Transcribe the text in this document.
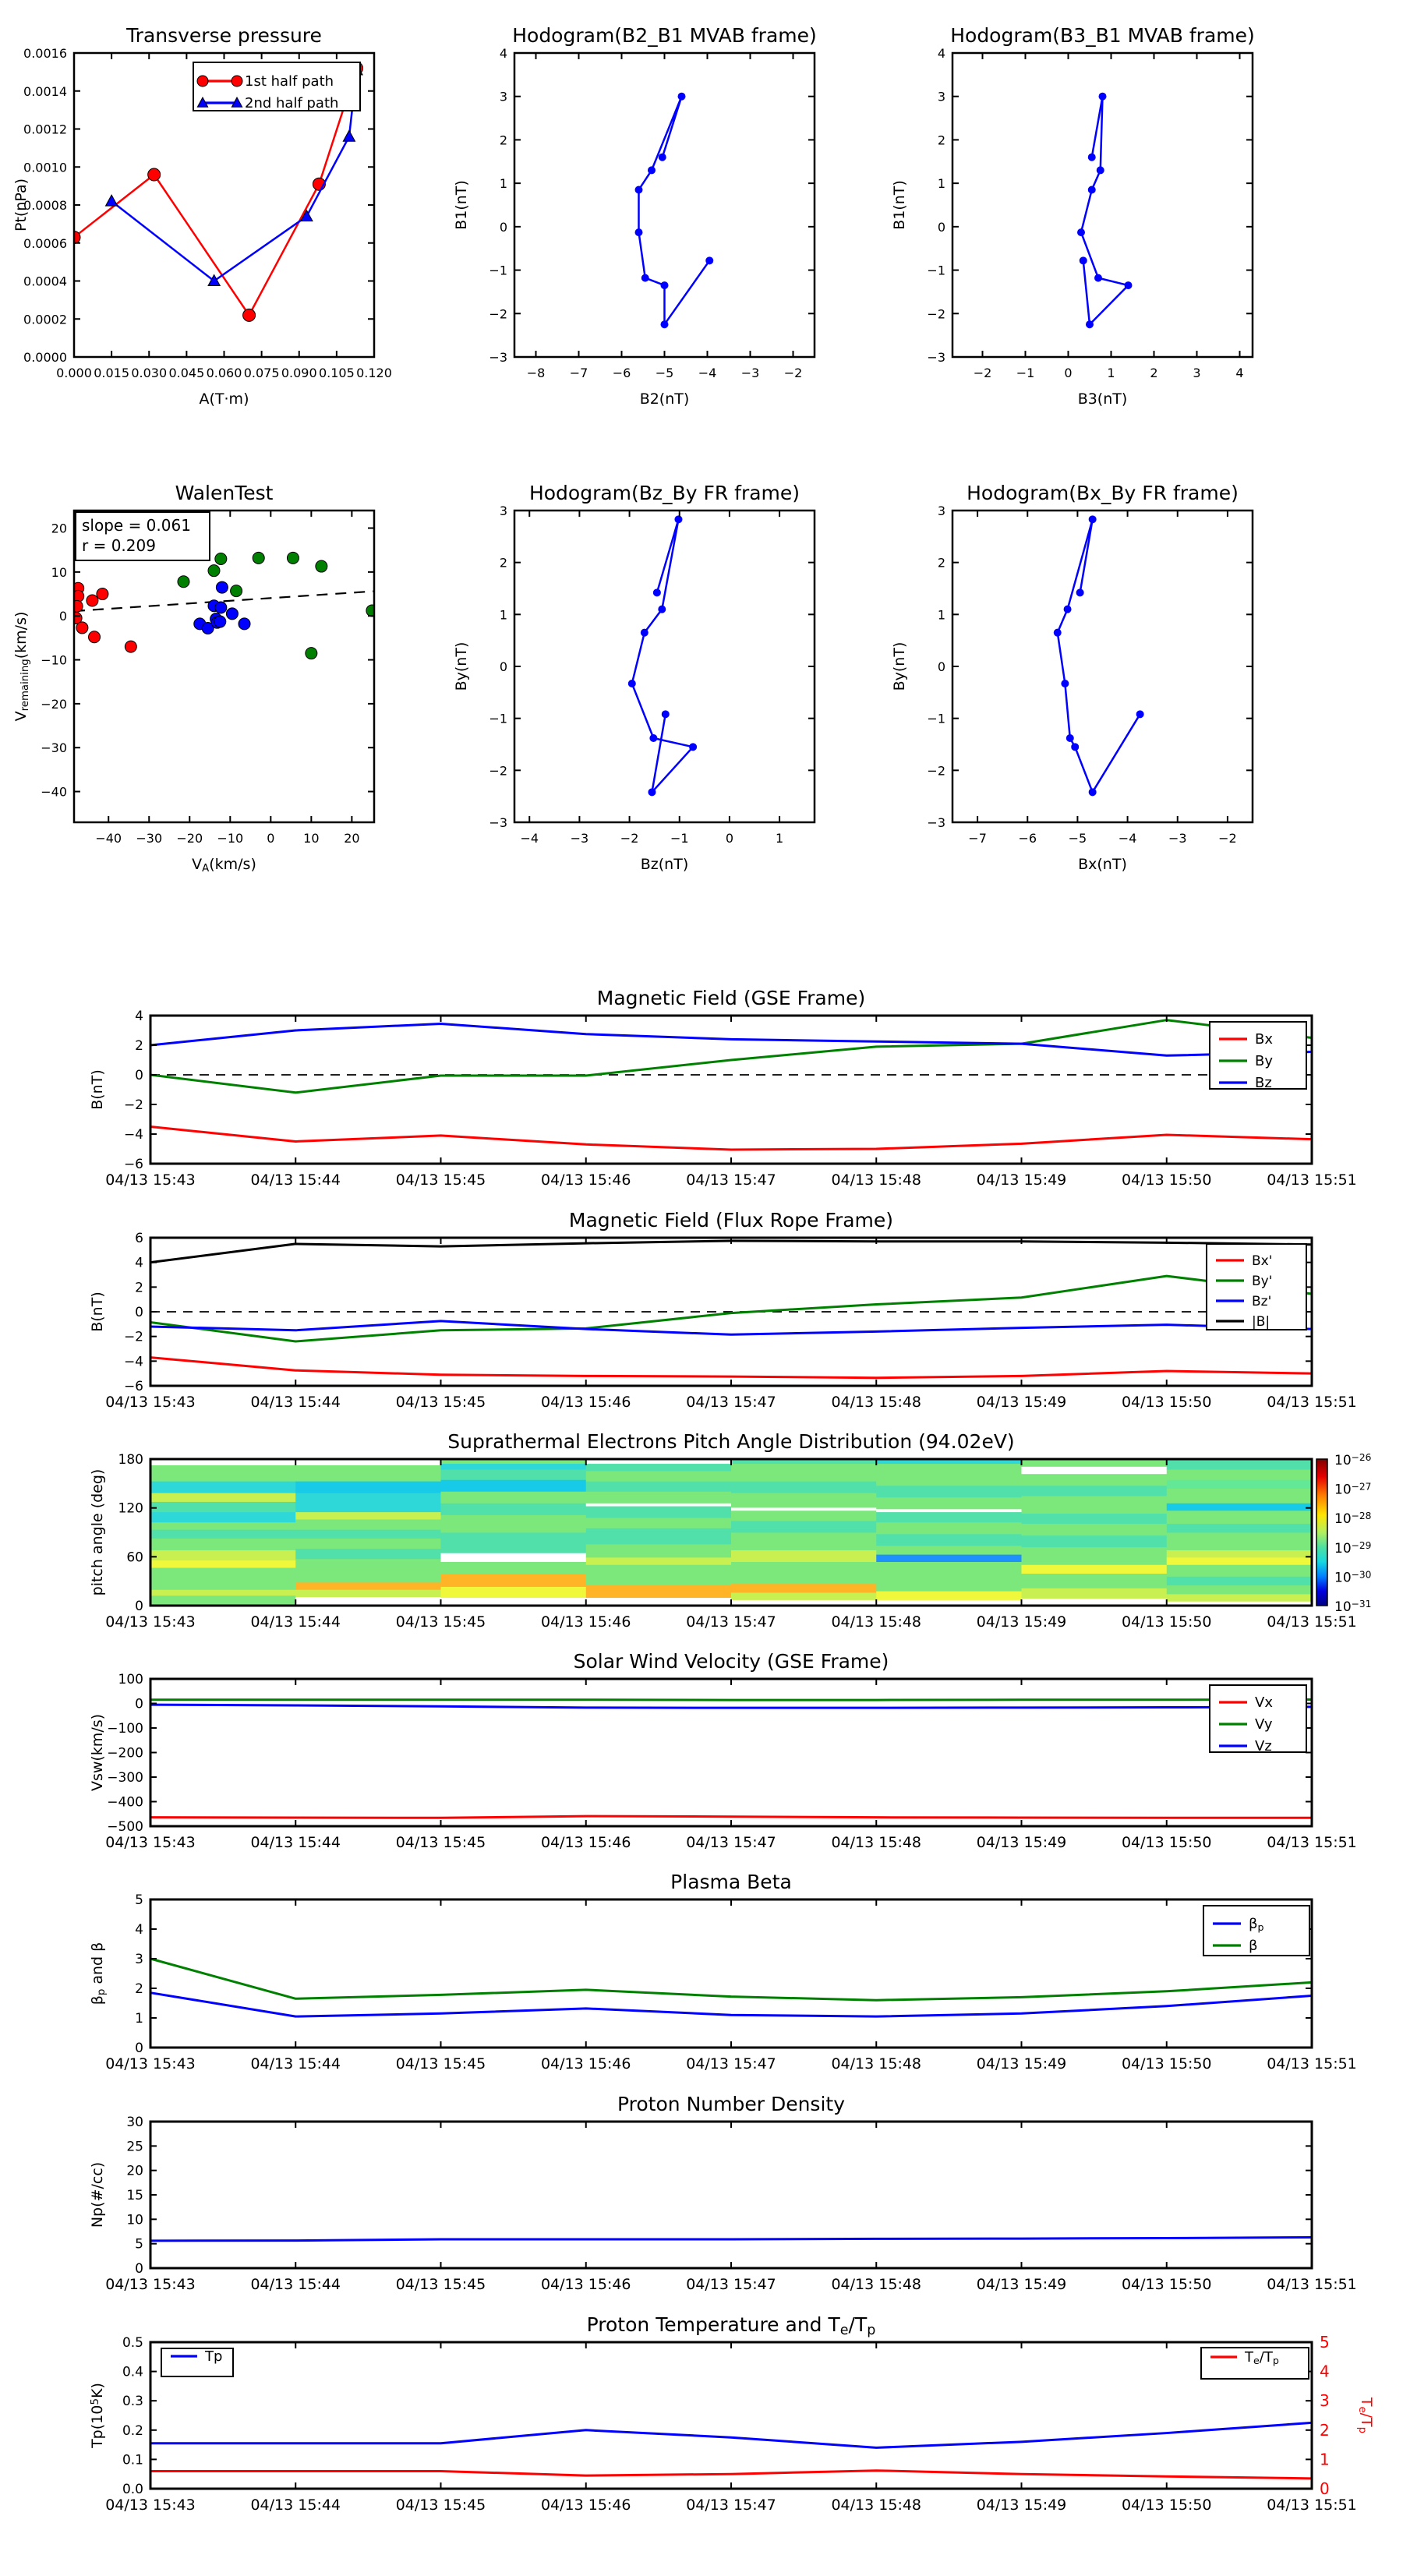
0.000 0.015 0.030 0.045 0.060 0.075 0.090 0.105 0.120
0.0000
0.0002
0.0004
0.0006
0.0008
0.0010
0.0012
0.0014
0.0016
Transverse pressure
A(T·m)
Pt(nPa)
1st half path
2nd half path
−8 −7 −6 −5 −4 −3 −2
−3
−2
−1
0
1
2
3
4
Hodogram(B2_B1 MVAB frame)
B2(nT)
B1(nT)
−2 −1 0	1	2	3	4
−3
−2
−1
0
1
2
3
4
Hodogram(B3_B1 MVAB frame)
B3(nT)
B1(nT)
−40 −30 −20 −10 0 10 20
−40
−30
−20
−10
0
10
20
WalenTest
VA(km/s)
Vremaining(km/s)
slope = 0.061
r = 0.209
−4	−3	−2	−1	0	1
−3
−2
−1
0
1
2
3
Hodogram(Bz_By FR frame)
Bz(nT)
By(nT)
−7	−6	−5	−4	−3	−2
−3
−2
−1
0
1
2
3
Hodogram(Bx_By FR frame)
Bx(nT)
By(nT)
04/13 15:43	04/13 15:44	04/13 15:45	04/13 15:46	04/13 15:47	04/13 15:48	04/13 15:49	04/13 15:50	04/13 15:51
−6
−4
−2
0
2
4
Magnetic Field (GSE Frame)
B(nT)
Bx
By
Bz
04/13 15:43	04/13 15:44	04/13 15:45	04/13 15:46	04/13 15:47	04/13 15:48	04/13 15:49	04/13 15:50	04/13 15:51
−6
−4
−2
0
2
4
6
Magnetic Field (Flux Rope Frame)
B(nT)
Bx'
By'
Bz'
|B|
04/13 15:43	04/13 15:44	04/13 15:45	04/13 15:46	04/13 15:47	04/13 15:48	04/13 15:49	04/13 15:50	04/13 15:51
0
60
120
180
Suprathermal Electrons Pitch Angle Distribution (94.02eV)
pitch angle (deg)
10−26
10−27
10−28
10−29
10−30
10−31
04/13 15:43	04/13 15:44	04/13 15:45	04/13 15:46	04/13 15:47	04/13 15:48	04/13 15:49	04/13 15:50	04/13 15:51
−500
−400
−300
−200
−100
0
100
Solar Wind Velocity (GSE Frame)
Vsw(km/s)
Vx
Vy
Vz
04/13 15:43	04/13 15:44	04/13 15:45	04/13 15:46	04/13 15:47	04/13 15:48	04/13 15:49	04/13 15:50	04/13 15:51
0
1
2
3
4
5
Plasma Beta
βp and β
βp
β
04/13 15:43	04/13 15:44	04/13 15:45	04/13 15:46	04/13 15:47	04/13 15:48	04/13 15:49	04/13 15:50	04/13 15:51
0
5
10
15
20
25
30
Proton Number Density
Np(#/cc)
04/13 15:43	04/13 15:44	04/13 15:45	04/13 15:46	04/13 15:47	04/13 15:48	04/13 15:49	04/13 15:50	04/13 15:51
0.0
0.1
0.2
0.3
0.4
0.5
0
1
2
3
4
5
Proton Temperature and Te/Tp
Tp(105K)
Te/Tp
Tp	Te/Tp
